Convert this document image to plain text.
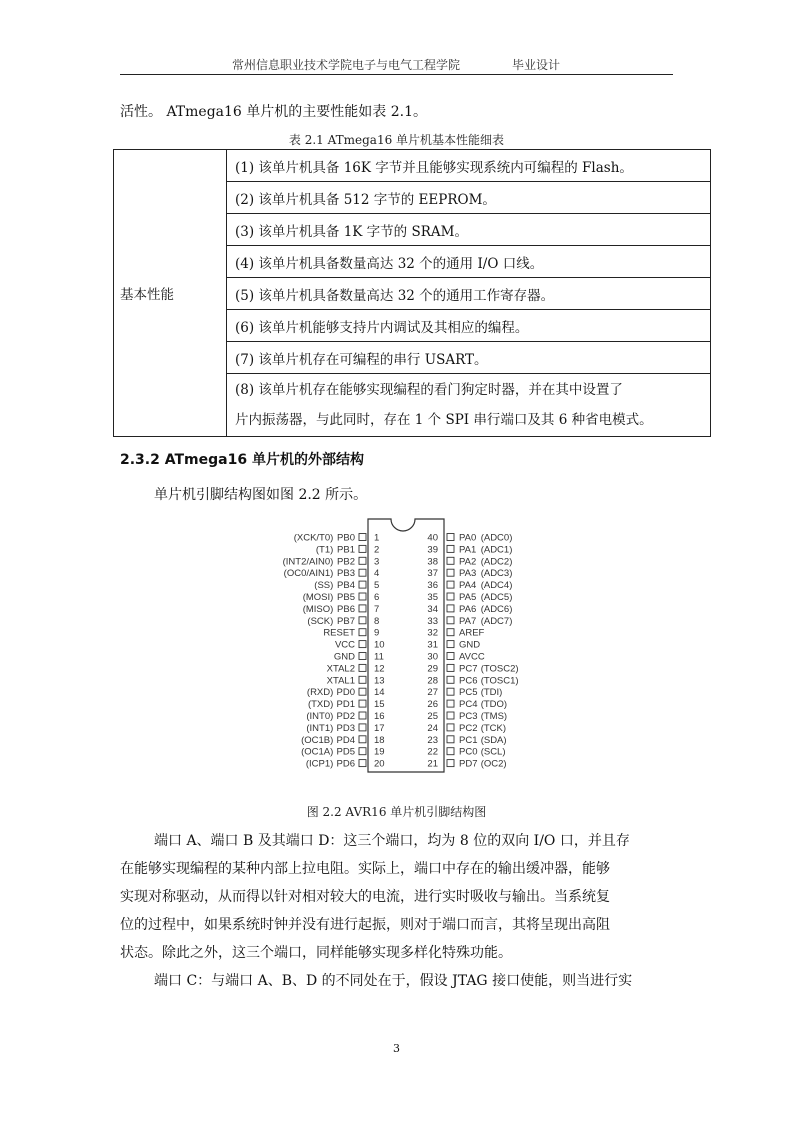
常州信息职业技术学院电子与电气工程学院	毕业设计
活性。 ATmega16 单片机的主要性能如表 2.1。
表 2.1 ATmega16 单片机基本性能细表
基本性能	(1) 该单片机具备 16K 字节并且能够实现系统内可编程的 Flash。
(2) 该单片机具备 512 字节的 EEPROM。
(3) 该单片机具备 1K 字节的 SRAM。
(4) 该单片机具备数量高达 32 个的通用 I/O 口线。
(5) 该单片机具备数量高达 32 个的通用工作寄存器。
(6) 该单片机能够支持片内调试及其相应的编程。
(7) 该单片机存在可编程的串行 USART。

(8) 该单片机存在能够实现编程的看门狗定时器，并在其中设置了
片内振荡器，与此同时，存在 1 个 SPI 串行端口及其 6 种省电模式。
2.3.2 ATmega16 单片机的外部结构
单片机引脚结构图如图 2.2 所示。
1
PB0
(XCK/T0)
2
PB1
(T1)
3
PB2
(INT2/AIN0)
4
PB3
(OC0/AIN1)
5
PB4
(SS)
6
PB5
(MOSI)
7
PB6
(MISO)
8
PB7
(SCK)
9
RESET
10
VCC
11
GND
12
XTAL2
13
XTAL1
14
PD0
(RXD)
15
PD1
(TXD)
16
PD2
(INT0)
17
PD3
(INT1)
18
PD4
(OC1B)
19
PD5
(OC1A)
20
PD6
(ICP1)
40 PA0 (ADC0)
39 PA1 (ADC1)
38 PA2 (ADC2)
37 PA3 (ADC3)
36 PA4 (ADC4)
35 PA5 (ADC5)
34 PA6 (ADC6)
33 PA7 (ADC7)
32 AREF
31 GND
30 AVCC
29 PC7 (TOSC2)
28 PC6 (TOSC1)
27 PC5 (TDI)
26 PC4 (TDO)
25 PC3 (TMS)
24 PC2 (TCK)
23 PC1 (SDA)
22 PC0 (SCL)
21 PD7 (OC2)
图 2.2 AVR16 单片机引脚结构图
端口 A、端口 B 及其端口 D：这三个端口，均为 8 位的双向 I/O 口，并且存
在能够实现编程的某种内部上拉电阻。实际上，端口中存在的输出缓冲器，能够
实现对称驱动，从而得以针对相对较大的电流，进行实时吸收与输出。当系统复
位的过程中，如果系统时钟并没有进行起振，则对于端口而言，其将呈现出高阻
状态。除此之外，这三个端口，同样能够实现多样化特殊功能。
端口 C：与端口 A、B、D 的不同处在于，假设 JTAG 接口使能，则当进行实
3
